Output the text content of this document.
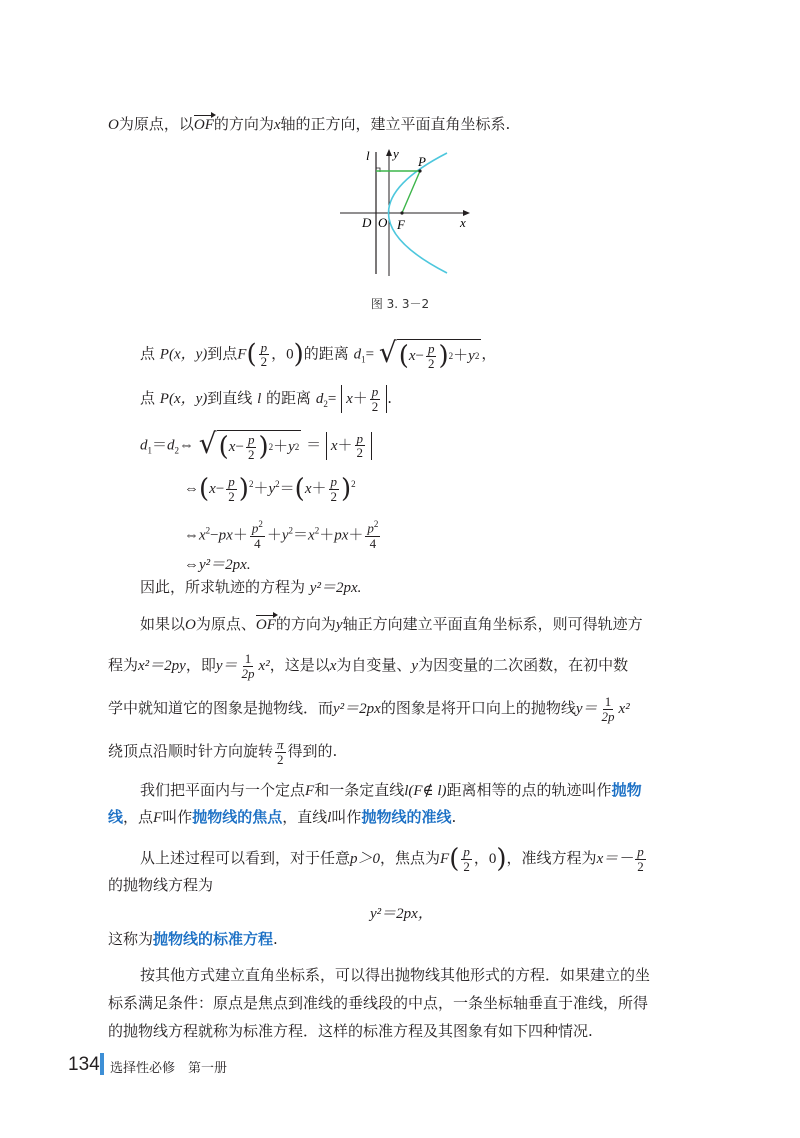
O为原点，以OF的方向为x轴的正方向，建立平面直角坐标系.
l y
P
x
D O F
图 3. 3－2
点 P(x，y)到点$F( \frac{p}{2}$ ，0)的距离 $d_1=$ √ ( $x - \frac{p}{2}$ ) 2 ＋ y 2 ，
点 P(x，y)到直线 l 的距离 $d_2= x+ \frac{p}{2}$ .
$d_1=d_2\Leftrightarrow$ √ ( $x - \frac{p}{2}$ ) 2 ＋ y $2 = x+ \frac{p}{2}$
⇔(x− $\frac{p}{2} )^2+y^2=(x+ \frac{p}{2} )^2$
$\Leftrightarrow x^2-px+ \frac{p^2}{4} +y^2=x^2+px+ \frac{p^2}{4}$
⇔y²＝2px.
因此，所求轨迹的方程为 y²＝2px.
如果以O为原点、OF的方向为y轴正方向建立平面直角坐标系，则可得轨迹方
程为x²＝2py，即$y= \frac{1}{2p} x^2$，这是以x为自变量、y为因变量的二次函数，在初中数
学中就知道它的图象是抛物线．而y²＝2px的图象是将开口向上的抛物线$y= \frac{1}{2p} x^2$
绕顶点沿顺时针方向旋转 $\frac{\pi}{2}$ 得到的.
我们把平面内与一个定点F和一条定直线l(F∉ l)距离相等的点的轨迹叫作抛物
线，点F叫作抛物线的焦点，直线l叫作抛物线的准线.
从上述过程可以看到，对于任意p＞0，焦点为$F( \frac{p}{2}$ ，0)，准线方程为$x=- \frac{p}{2}$
的抛物线方程为
y²＝2px，
这称为抛物线的标准方程.
按其他方式建立直角坐标系，可以得出抛物线其他形式的方程．如果建立的坐
标系满足条件：原点是焦点到准线的垂线段的中点，一条坐标轴垂直于准线，所得
的抛物线方程就称为标准方程．这样的标准方程及其图象有如下四种情况.
134 选择性必修　第一册
